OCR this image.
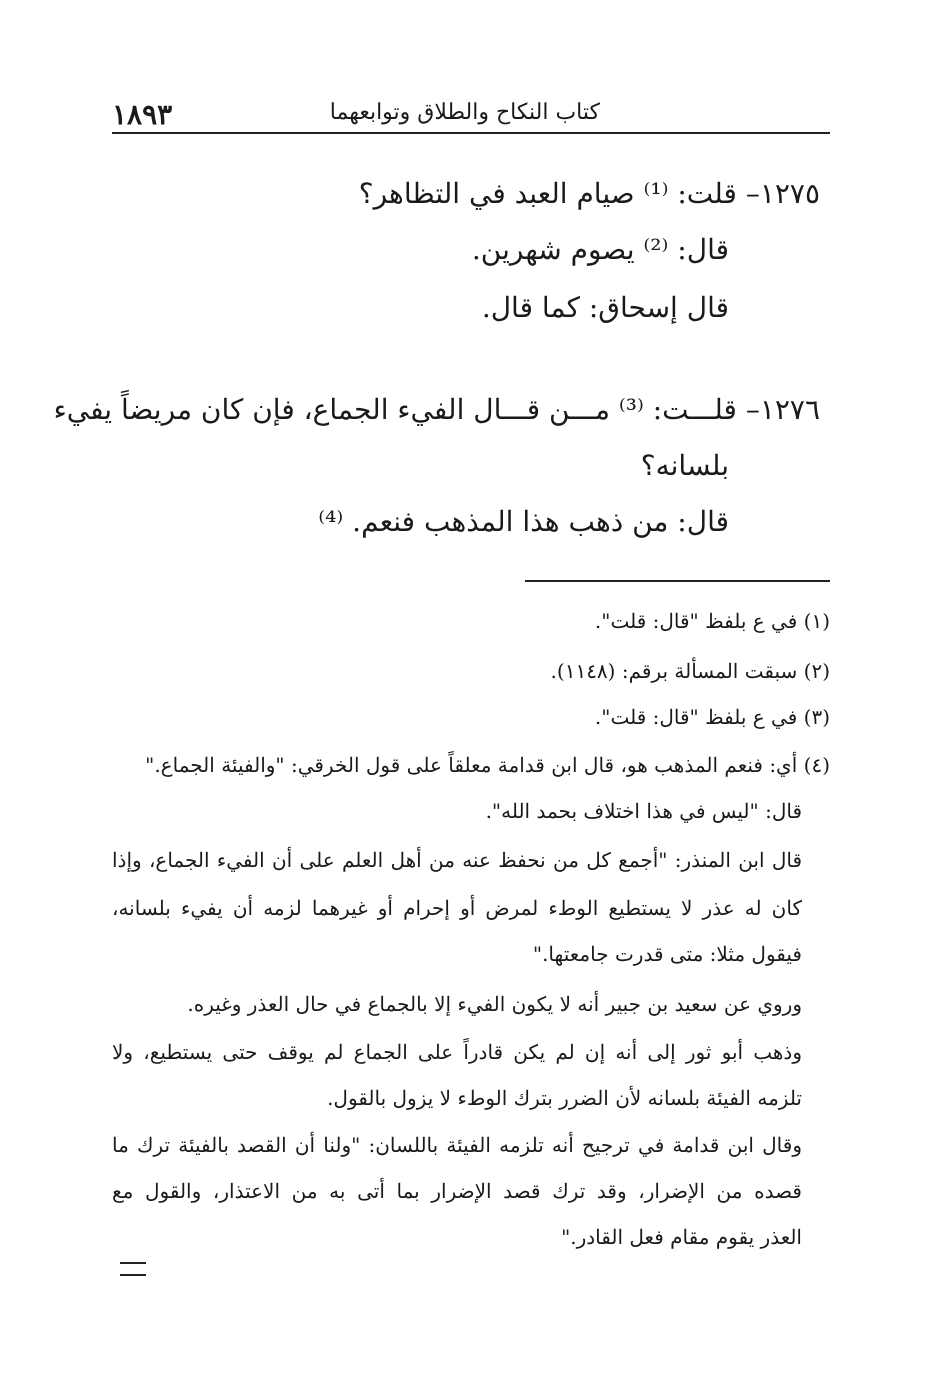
كتاب النكاح والطلاق وتوابعهما
١٨٩٣
١٢٧٥– قلت: ⁽¹⁾ صيام العبد في التظاهر؟
قال: ⁽²⁾ يصوم شهرين.
قال إسحاق: كما قال.
١٢٧٦– قلـــت: ⁽³⁾ مـــن قـــال الفيء الجماع، فإن كان مريضاً يفيء
بلسانه؟
قال: من ذهب هذا المذهب فنعم. ⁽⁴⁾
(١) في ع بلفظ "قال: قلت".
(٢) سبقت المسألة برقم: (١١٤٨).
(٣) في ع بلفظ "قال: قلت".
(٤) أي: فنعم المذهب هو، قال ابن قدامة معلقاً على قول الخرقي: "والفيئة الجماع."
قال: "ليس في هذا اختلاف بحمد الله".
قال ابن المنذر: "أجمع كل من نحفظ عنه من أهل العلم على أن الفيء الجماع، وإذا
كان له عذر لا يستطيع الوطء لمرض أو إحرام أو غيرهما لزمه أن يفيء بلسانه،
فيقول مثلا: متى قدرت جامعتها."
وروي عن سعيد بن جبير أنه لا يكون الفيء إلا بالجماع في حال العذر وغيره.
وذهب أبو ثور إلى أنه إن لم يكن قادراً على الجماع لم يوقف حتى يستطيع، ولا
تلزمه الفيئة بلسانه لأن الضرر بترك الوطء لا يزول بالقول.
وقال ابن قدامة في ترجيح أنه تلزمه الفيئة باللسان: "ولنا أن القصد بالفيئة ترك ما
قصده من الإضرار، وقد ترك قصد الإضرار بما أتى به من الاعتذار، والقول مع
العذر يقوم مقام فعل القادر."
